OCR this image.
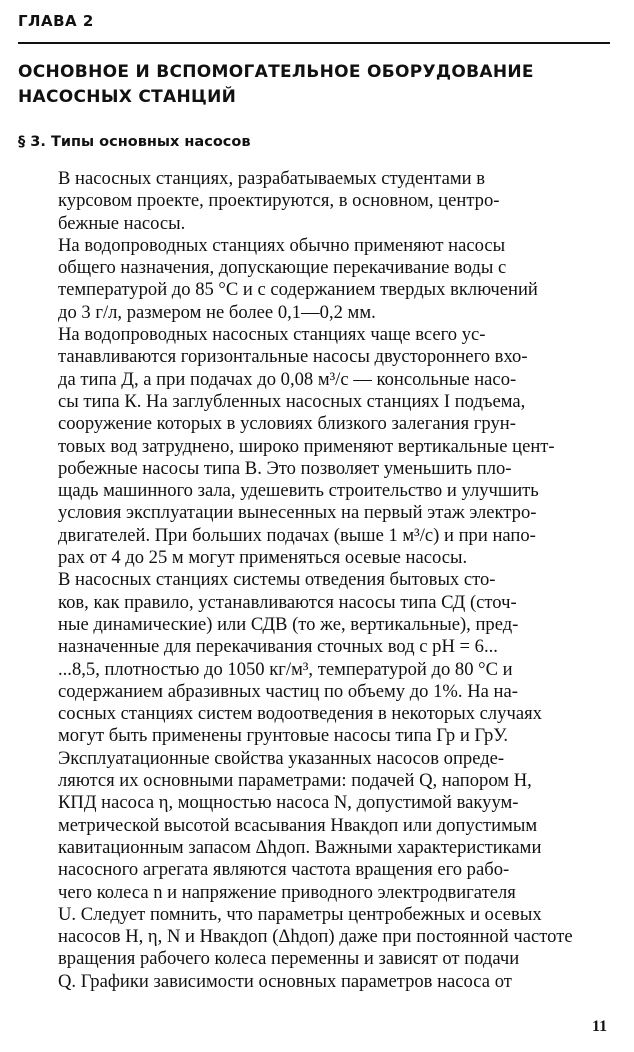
ГЛАВА 2
ОСНОВНОЕ И ВСПОМОГАТЕЛЬНОЕ ОБОРУДОВАНИЕ
НАСОСНЫХ СТАНЦИЙ
§ 3. Типы основных насосов

В насосных станциях, разрабатываемых студентами в
курсовом проекте, проектируются, в основном, центро-
бежные насосы.

На водопроводных станциях обычно применяют насосы
общего назначения, допускающие перекачивание воды с
температурой до 85 °С и с содержанием твердых включений
до 3 г/л, размером не более 0,1—0,2 мм.

На водопроводных насосных станциях чаще всего ус-
танавливаются горизонтальные насосы двустороннего вхо-
да типа Д, а при подачах до 0,08 м³/с — консольные насо-
сы типа К. На заглубленных насосных станциях I подъема,
сооружение которых в условиях близкого залегания грун-
товых вод затруднено, широко применяют вертикальные цент-
робежные насосы типа В. Это позволяет уменьшить пло-
щадь машинного зала, удешевить строительство и улучшить
условия эксплуатации вынесенных на первый этаж электро-
двигателей. При больших подачах (выше 1 м³/с) и при напо-
рах от 4 до 25 м могут применяться осевые насосы.

В насосных станциях системы отведения бытовых сто-
ков, как правило, устанавливаются насосы типа СД (сточ-
ные динамические) или СДВ (то же, вертикальные), пред-
назначенные для перекачивания сточных вод с pH = 6...
...8,5, плотностью до 1050 кг/м³, температурой до 80 °С и
содержанием абразивных частиц по объему до 1%. На на-
сосных станциях систем водоотведения в некоторых случаях
могут быть применены грунтовые насосы типа Гр и ГрУ.

Эксплуатационные свойства указанных насосов опреде-
ляются их основными параметрами: подачей Q, напором H,
КПД насоса η, мощностью насоса N, допустимой вакуум-
метрической высотой всасывания Hвакдоп или допустимым
кавитационным запасом Δhдоп. Важными характеристиками
насосного агрегата являются частота вращения его рабо-
чего колеса n и напряжение приводного электродвигателя
U. Следует помнить, что параметры центробежных и осевых
насосов H, η, N и Hвакдоп (Δhдоп) даже при постоянной частоте
вращения рабочего колеса переменны и зависят от подачи
Q. Графики зависимости основных параметров насоса от

11
